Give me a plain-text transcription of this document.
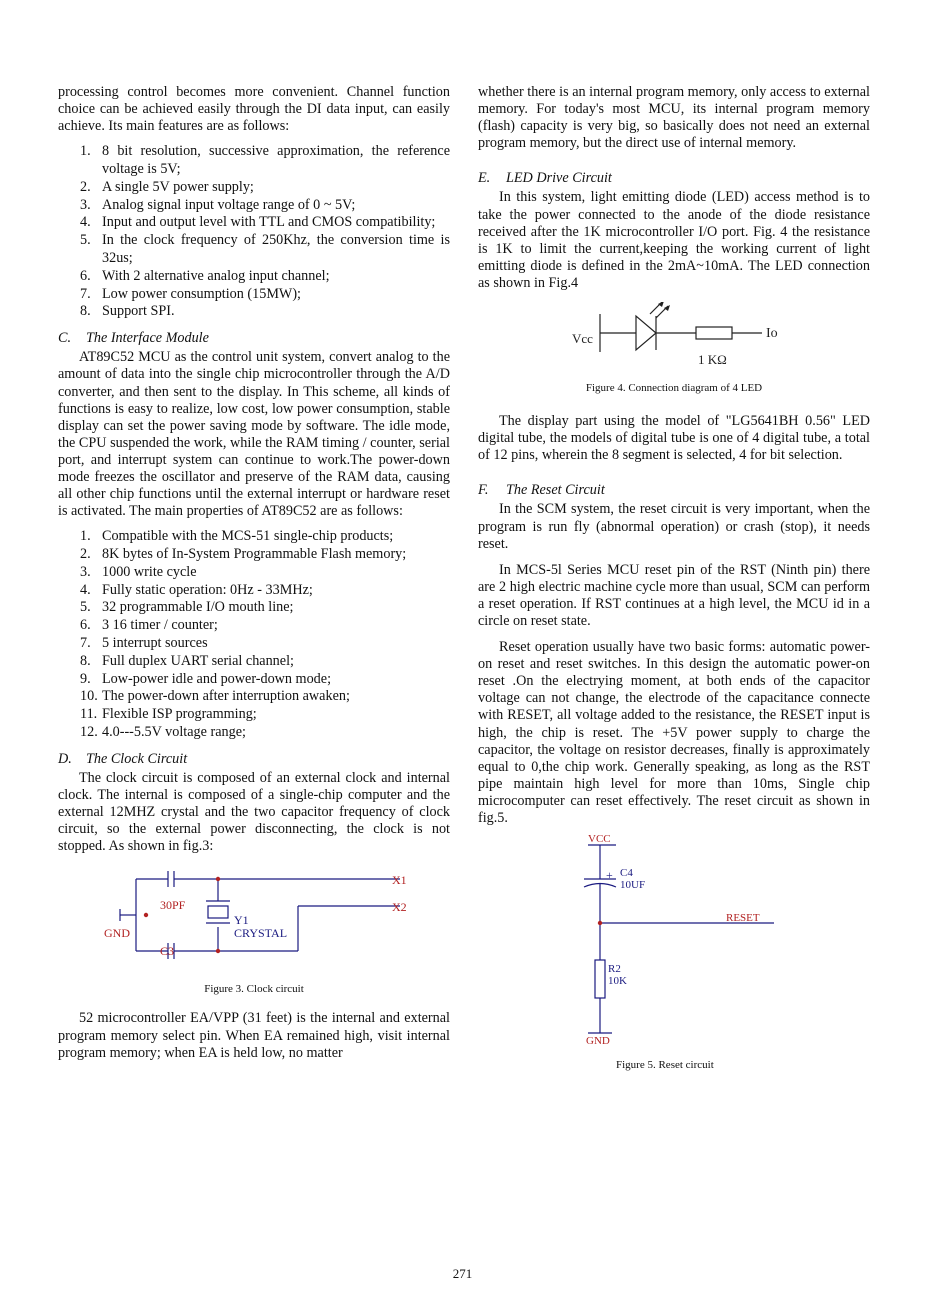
processing control becomes more convenient. Channel function choice can be achieved easily through the DI data input, can easily achieve. Its main features are as follows:

1. 8 bit resolution, successive approximation, the reference voltage is 5V;
2. A single 5V power supply;
3. Analog signal input voltage range of 0 ~ 5V;
4. Input and output level with TTL and CMOS compatibility;
5. In the clock frequency of 250Khz, the conversion time is 32us;
6. With 2 alternative analog input channel;
7. Low power consumption (15MW);
8. Support SPI.
C. The Interface Module

AT89C52 MCU as the control unit system, convert analog to the amount of data into the single chip microcontroller through the A/D converter, and then sent to the display. In This scheme, all kinds of functions is easy to realize, low cost, low power consumption, stable display can set the power saving mode by software. The idle mode, the CPU suspended the work, while the RAM timing / counter, serial port, and interrupt system can continue to work.The power-down mode freezes the oscillator and preserve of the RAM data, causing all other chip functions until the external interrupt or hardware reset is activated. The main properties of AT89C52 are as follows:

1. Compatible with the MCS-51 single-chip products;
2. 8K bytes of In-System Programmable Flash memory;
3. 1000 write cycle
4. Fully static operation: 0Hz - 33MHz;
5. 32 programmable I/O mouth line;
6. 3 16 timer / counter;
7. 5 interrupt sources
8. Full duplex UART serial channel;
9. Low-power idle and power-down mode;
10. The power-down after interruption awaken;
11. Flexible ISP programming;
12. 4.0---5.5V voltage range;
D. The Clock Circuit

The clock circuit is composed of an external clock and internal clock. The internal is composed of a single-chip computer and the external 12MHZ crystal and the two capacitor frequency of clock circuit, so the external power disconnecting, the clock is not stopped. As shown in fig.3:

X1
X2
30PF
GND
Y1
CRYSTAL
C3

Figure 3. Clock circuit

52 microcontroller EA/VPP (31 feet) is the internal and external program memory select pin. When EA remained high, visit internal program memory; when EA is held low, no matter

whether there is an internal program memory, only access to external memory. For today's most MCU, its internal program memory (flash) capacity is very big, so basically does not need an external program memory, but the direct use of internal memory.

E. LED Drive Circuit

In this system, light emitting diode (LED) access method is to take the power connected to the anode of the diode resistance received after the 1K microcontroller I/O port. Fig. 4 the resistance is 1K to limit the current,keeping the working current of light emitting diode is defined in the 2mA~10mA. The LED connection as shown in Fig.4

Vcc
1 KΩ
Io

Figure 4. Connection diagram of 4 LED

The display part using the model of "LG5641BH 0.56" LED digital tube, the models of digital tube is one of 4 digital tube, a total of 12 pins, wherein the 8 segment is selected, 4 for bit selection.

F. The Reset Circuit

In the SCM system, the reset circuit is very important, when the program is run fly (abnormal operation) or crash (stop), it needs reset.

In MCS-5l Series MCU reset pin of the RST (Ninth pin) there are 2 high electric machine cycle more than usual, SCM can perform a reset operation. If RST continues at a high level, the MCU id in a circle on reset state.

Reset operation usually have two basic forms: automatic power-on reset and reset switches. In this design the automatic power-on reset .On the electrying moment, at both ends of the capacitor voltage can not change, the electrode of the capacitance connecte with RESET, all voltage added to the resistance, the RESET input is high, the chip is reset. The +5V power supply to charge the capacitor, the voltage on resistor decreases, finally is approximately equal to 0,the chip work. Generally speaking, as long as the RST pipe maintain high level for more than 10ms, Single chip microcomputer can reset effectively. The reset circuit as shown in fig.5.

VCC
+ C4
10UF
RESET
R2
10K
GND

Figure 5. Reset circuit

271
